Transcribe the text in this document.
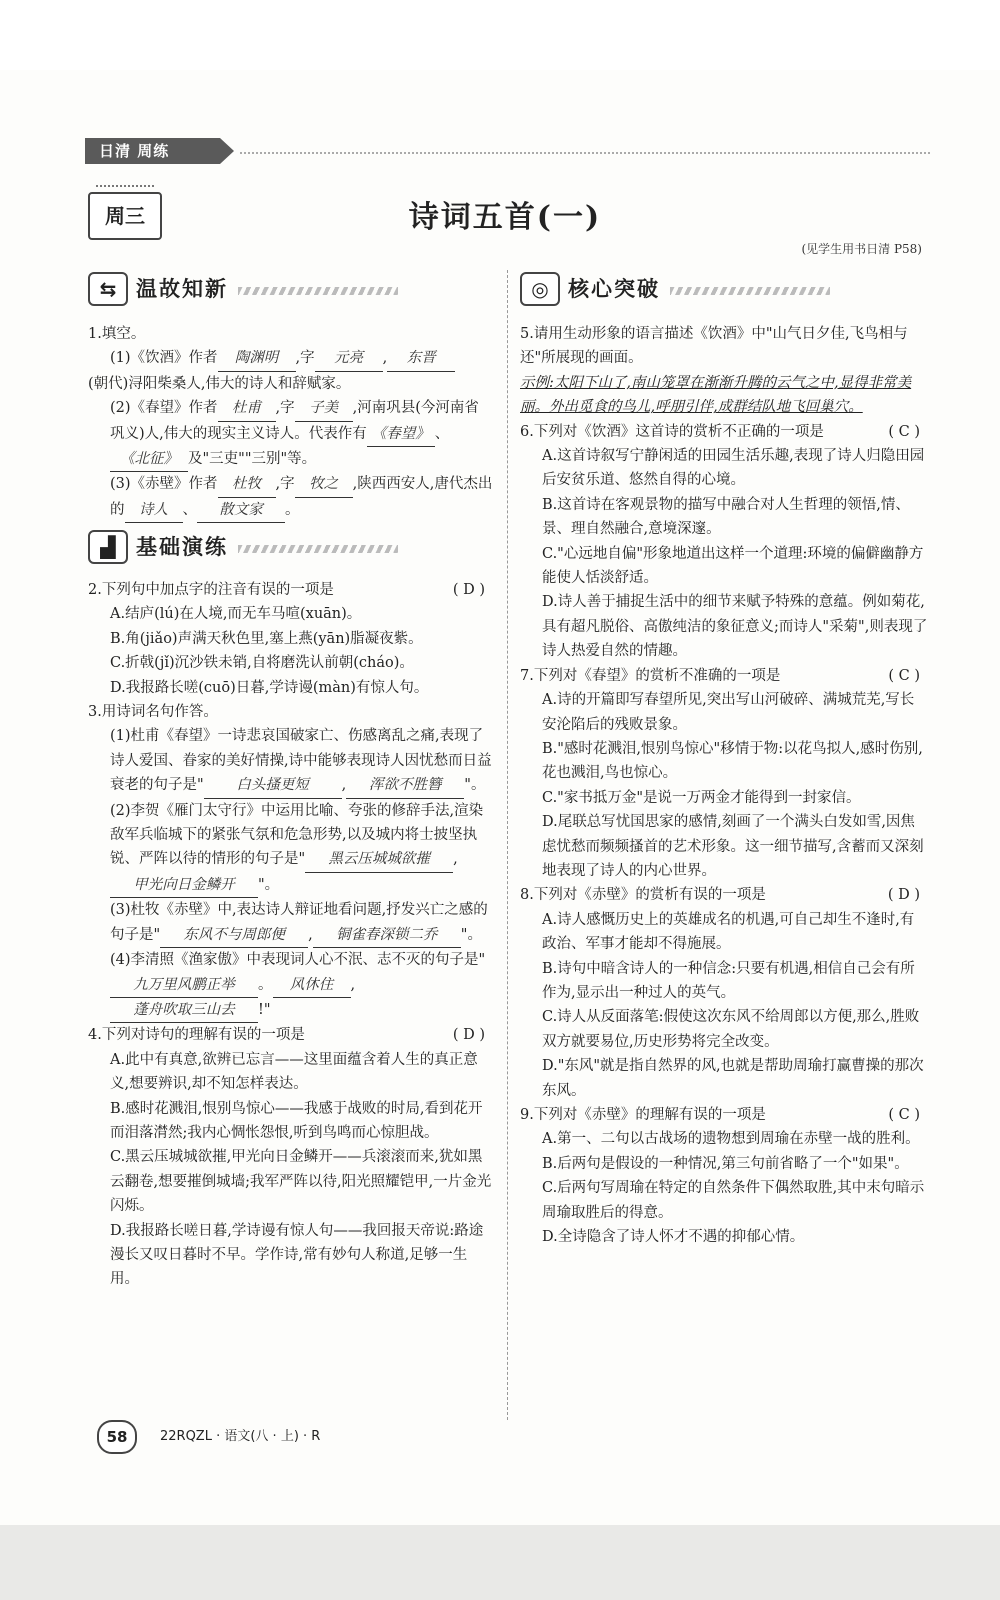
日清 周练
周三	诗词五首(一)
(见学生用书日清 P58)
⇆ 温故知新	◎ 核心突破

1.填空。

(1)《饮酒》作者 陶渊明 ,字 元亮 , 东晋

(朝代)浔阳柴桑人,伟大的诗人和辞赋家。

(2)《春望》作者 杜甫 ,字 子美 ,河南巩县(今河南省巩义)人,伟大的现实主义诗人。代表作有 《春望》 、《北征》 及"三吏""三别"等。

(3)《赤壁》作者 杜牧 ,字 牧之 ,陕西西安人,唐代杰出的 诗人 、 散文家 。

▟ 基础演练

2.下列句中加点字的注音有误的一项是	( D )

A.结庐(lú)在人境,而无车马喧(xuān)。

B.角(jiǎo)声满天秋色里,塞上燕(yān)脂凝夜紫。

C.折戟(jǐ)沉沙铁未销,自将磨洗认前朝(cháo)。

D.我报路长嗟(cuō)日暮,学诗谩(màn)有惊人句。

3.用诗词名句作答。

(1)杜甫《春望》一诗悲哀国破家亡、伤感离乱之痛,表现了诗人爱国、眷家的美好情操,诗中能够表现诗人因忧愁而日益衰老的句子是" 白头搔更短 , 浑欲不胜簪 "。

(2)李贺《雁门太守行》中运用比喻、夸张的修辞手法,渲染敌军兵临城下的紧张气氛和危急形势,以及城内将士披坚执锐、严阵以待的情形的句子是" 黑云压城城欲摧 ,甲光向日金鳞开 "。

(3)杜牧《赤壁》中,表达诗人辩证地看问题,抒发兴亡之感的句子是" 东风不与周郎便 , 铜雀春深锁二乔 "。

(4)李清照《渔家傲》中表现词人心不泯、志不灭的句子是"九万里风鹏正举 。 风休住 ,蓬舟吹取三山去 !"

4.下列对诗句的理解有误的一项是	( D )

A.此中有真意,欲辨已忘言——这里面蕴含着人生的真正意义,想要辨识,却不知怎样表达。

B.感时花溅泪,恨别鸟惊心——我感于战败的时局,看到花开而泪落潸然;我内心惆怅怨恨,听到鸟鸣而心惊胆战。

C.黑云压城城欲摧,甲光向日金鳞开——兵滚滚而来,犹如黑云翻卷,想要摧倒城墙;我军严阵以待,阳光照耀铠甲,一片金光闪烁。

D.我报路长嗟日暮,学诗谩有惊人句——我回报天帝说:路途漫长又叹日暮时不早。学作诗,常有妙句人称道,足够一生用。

5.请用生动形象的语言描述《饮酒》中"山气日夕佳,飞鸟相与还"所展现的画面。

示例:太阳下山了,南山笼罩在渐渐升腾的云气之中,显得非常美丽。外出觅食的鸟儿,呼朋引伴,成群结队地飞回巢穴。

6.下列对《饮酒》这首诗的赏析不正确的一项是	( C )

A.这首诗叙写宁静闲适的田园生活乐趣,表现了诗人归隐田园后安贫乐道、悠然自得的心境。

B.这首诗在客观景物的描写中融合对人生哲理的领悟,情、景、理自然融合,意境深邃。

C."心远地自偏"形象地道出这样一个道理:环境的偏僻幽静方能使人恬淡舒适。

D.诗人善于捕捉生活中的细节来赋予特殊的意蕴。例如菊花,具有超凡脱俗、高傲纯洁的象征意义;而诗人"采菊",则表现了诗人热爱自然的情趣。

7.下列对《春望》的赏析不准确的一项是	( C )

A.诗的开篇即写春望所见,突出写山河破碎、满城荒芜,写长安沦陷后的残败景象。

B."感时花溅泪,恨别鸟惊心"移情于物:以花鸟拟人,感时伤别,花也溅泪,鸟也惊心。

C."家书抵万金"是说一万两金才能得到一封家信。

D.尾联总写忧国思家的感情,刻画了一个满头白发如雪,因焦虑忧愁而频频搔首的艺术形象。这一细节描写,含蓄而又深刻地表现了诗人的内心世界。

8.下列对《赤壁》的赏析有误的一项是	( D )

A.诗人感慨历史上的英雄成名的机遇,可自己却生不逢时,有政治、军事才能却不得施展。

B.诗句中暗含诗人的一种信念:只要有机遇,相信自己会有所作为,显示出一种过人的英气。

C.诗人从反面落笔:假使这次东风不给周郎以方便,那么,胜败双方就要易位,历史形势将完全改变。

D."东风"就是指自然界的风,也就是帮助周瑜打赢曹操的那次东风。

9.下列对《赤壁》的理解有误的一项是	( C )

A.第一、二句以古战场的遗物想到周瑜在赤壁一战的胜利。

B.后两句是假设的一种情况,第三句前省略了一个"如果"。

C.后两句写周瑜在特定的自然条件下偶然取胜,其中末句暗示周瑜取胜后的得意。

D.全诗隐含了诗人怀才不遇的抑郁心情。

58	22RQZL · 语文(八 · 上) · R
